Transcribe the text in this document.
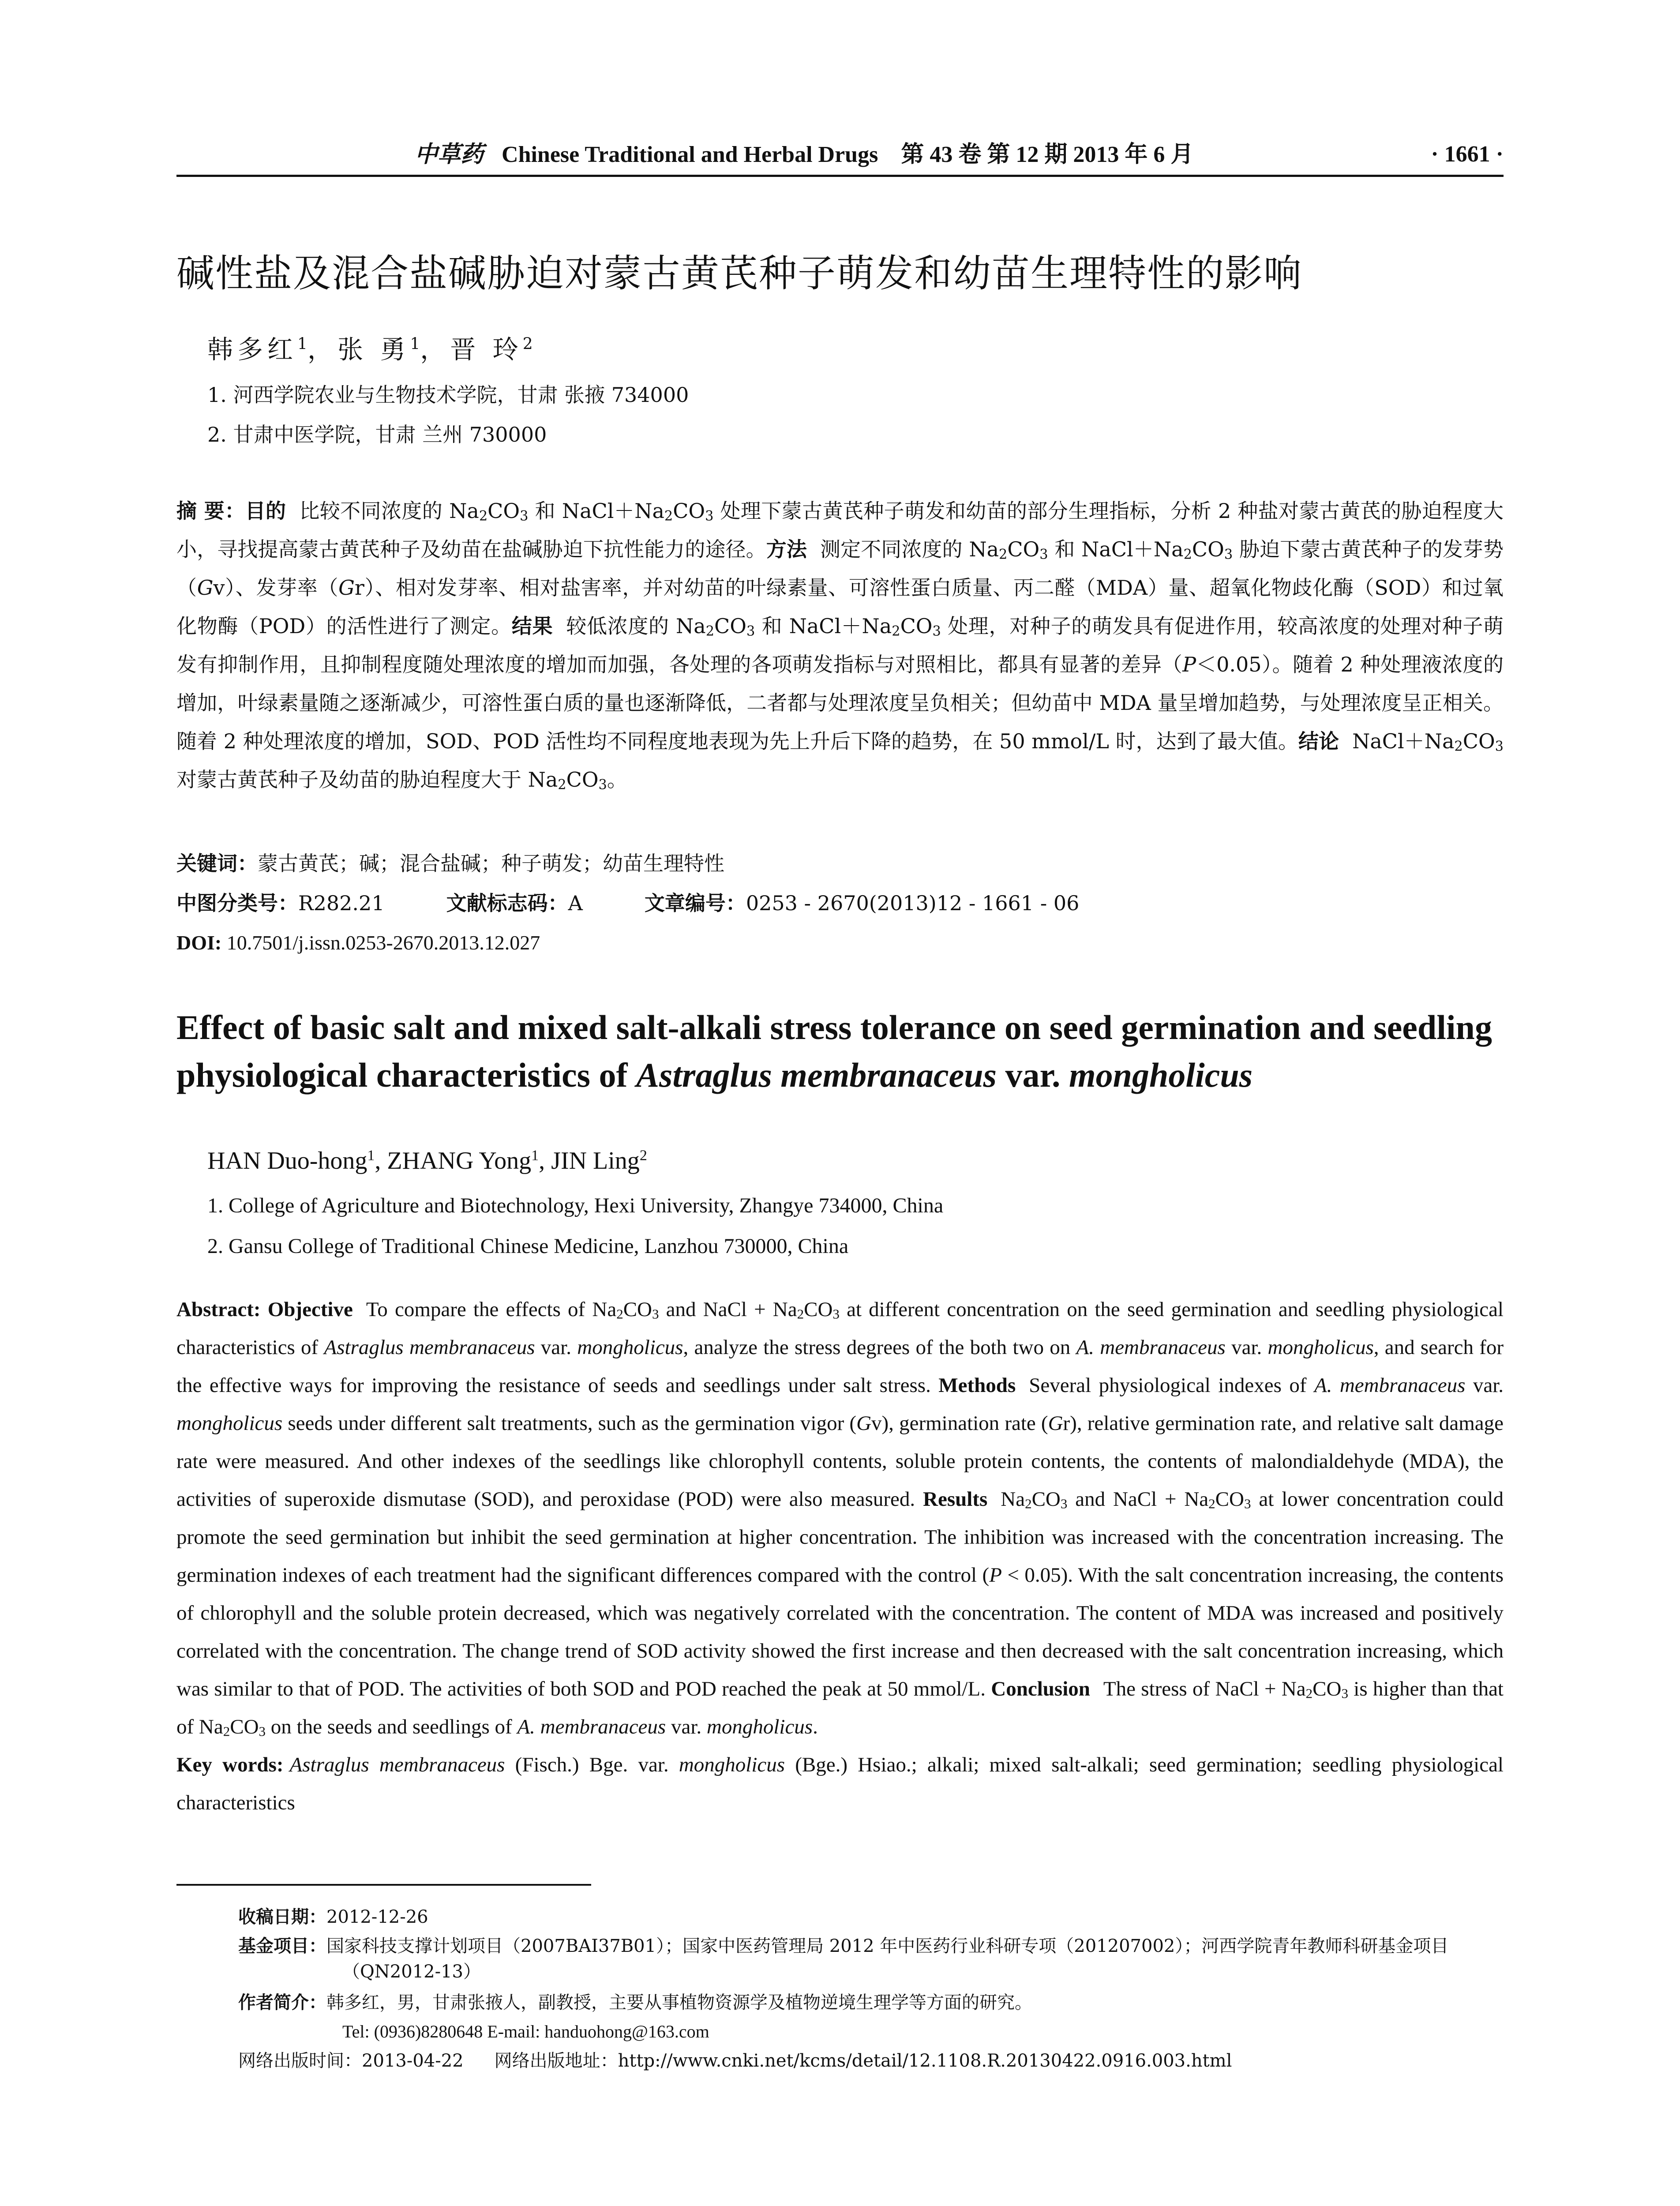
中草药 Chinese Traditional and Herbal Drugs 第 43 卷 第 12 期 2013 年 6 月	· 1661 ·
碱性盐及混合盐碱胁迫对蒙古黄芪种子萌发和幼苗生理特性的影响
韩多红$^1$，张 勇$^1$，晋 玲$^2$
1. 河西学院农业与生物技术学院，甘肃 张掖 734000
2. 甘肃中医学院，甘肃 兰州 730000

摘 要：目的 比较不同浓度的 $Na_2CO_3$ 和 $NaCl+Na_2CO_3$ 处理下蒙古黄芪种子萌发和幼苗的部分生理指标，分析 2 种盐对蒙古黄芪的胁迫程度大小，寻找提高蒙古黄芪种子及幼苗在盐碱胁迫下抗性能力的途径。方法 测定不同浓度的 $Na_2CO_3$ 和 $NaCl+Na_2CO_3$ 胁迫下蒙古黄芪种子的发芽势（Gv）、发芽率（Gr）、相对发芽率、相对盐害率，并对幼苗的叶绿素量、可溶性蛋白质量、丙二醛（MDA）量、超氧化物歧化酶（SOD）和过氧化物酶（POD）的活性进行了测定。结果 较低浓度的 $Na_2CO_3$ 和 $NaCl+Na_2CO_3$ 处理，对种子的萌发具有促进作用，较高浓度的处理对种子萌发有抑制作用，且抑制程度随处理浓度的增加而加强，各处理的各项萌发指标与对照相比，都具有显著的差异（P＜0.05）。随着 2 种处理液浓度的增加，叶绿素量随之逐渐减少，可溶性蛋白质的量也逐渐降低，二者都与处理浓度呈负相关；但幼苗中 MDA 量呈增加趋势，与处理浓度呈正相关。随着 2 种处理浓度的增加，SOD、POD 活性均不同程度地表现为先上升后下降的趋势，在 50 mmol/L 时，达到了最大值。结论 $NaCl+Na_2CO_3$ 对蒙古黄芪种子及幼苗的胁迫程度大于 $Na_2CO_3$。

关键词：蒙古黄芪；碱；混合盐碱；种子萌发；幼苗生理特性
中图分类号：R282.21	文献标志码：A	文章编号：0253 - 2670(2013)12 - 1661 - 06
DOI: 10.7501/j.issn.0253-2670.2013.12.027
Effect of basic salt and mixed salt-alkali stress tolerance on seed germination and seedling physiological characteristics of Astraglus membranaceus var. mongholicus
HAN Duo-hong$^1$, ZHANG Yong$^1$, JIN Ling$^2$
1. College of Agriculture and Biotechnology, Hexi University, Zhangye 734000, China
2. Gansu College of Traditional Chinese Medicine, Lanzhou 730000, China

Abstract: Objective To compare the effects of $Na_2CO_3$ and NaCl + $Na_2CO_3$ at different concentration on the seed germination and seedling physiological characteristics of Astraglus membranaceus var. mongholicus, analyze the stress degrees of the both two on A. membranaceus var. mongholicus, and search for the effective ways for improving the resistance of seeds and seedlings under salt stress. Methods Several physiological indexes of A. membranaceus var. mongholicus seeds under different salt treatments, such as the germination vigor (Gv), germination rate (Gr), relative germination rate, and relative salt damage rate were measured. And other indexes of the seedlings like chlorophyll contents, soluble protein contents, the contents of malondialdehyde (MDA), the activities of superoxide dismutase (SOD), and peroxidase (POD) were also measured. Results $Na_2CO_3$ and NaCl + $Na_2CO_3$ at lower concentration could promote the seed germination but inhibit the seed germination at higher concentration. The inhibition was increased with the concentration increasing. The germination indexes of each treatment had the significant differences compared with the control (P < 0.05). With the salt concentration increasing, the contents of chlorophyll and the soluble protein decreased, which was negatively correlated with the concentration. The content of MDA was increased and positively correlated with the concentration. The change trend of SOD activity showed the first increase and then decreased with the salt concentration increasing, which was similar to that of POD. The activities of both SOD and POD reached the peak at 50 mmol/L. Conclusion The stress of NaCl + $Na_2CO_3$ is higher than that of $Na_2CO_3$ on the seeds and seedlings of A. membranaceus var. mongholicus.
Key words: Astraglus membranaceus (Fisch.) Bge. var. mongholicus (Bge.) Hsiao.; alkali; mixed salt-alkali; seed germination; seedling physiological characteristics

收稿日期：2012-12-26
基金项目：国家科技支撑计划项目（2007BAI37B01）；国家中医药管理局 2012 年中医药行业科研专项（201207002）；河西学院青年教师科研基金项目（QN2012-13）
作者简介：韩多红，男，甘肃张掖人，副教授，主要从事植物资源学及植物逆境生理学等方面的研究。
Tel: (0936)8280648 E-mail: handuohong@163.com
网络出版时间：2013-04-22 网络出版地址：http://www.cnki.net/kcms/detail/12.1108.R.20130422.0916.003.html
